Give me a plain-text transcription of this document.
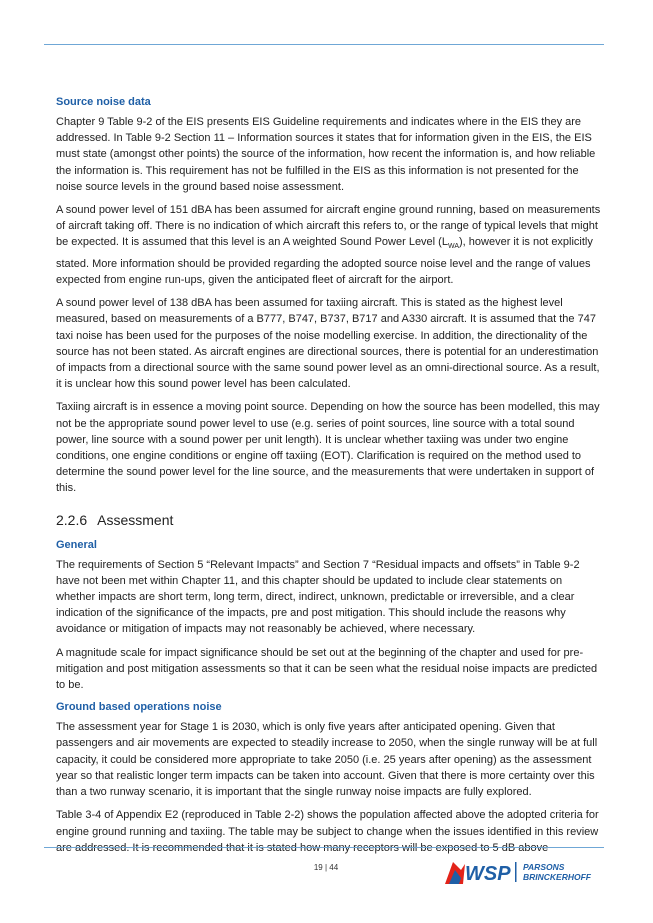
Source noise data

Chapter 9 Table 9-2 of the EIS presents EIS Guideline requirements and indicates where in the EIS they are addressed. In Table 9-2 Section 11 – Information sources it states that for information given in the EIS, the EIS must state (amongst other points) the source of the information, how recent the information is, and how reliable the information is. This requirement has not be fulfilled in the EIS as this information is not presented for the noise source levels in the ground based noise assessment.

A sound power level of 151 dBA has been assumed for aircraft engine ground running, based on measurements of aircraft taking off. There is no indication of which aircraft this refers to, or the range of typical levels that might be expected. It is assumed that this level is an A weighted Sound Power Level $(L_{WA})$, however it is not explicitly stated. More information should be provided regarding the adopted source noise level and the range of values expected from engine run-ups, given the anticipated fleet of aircraft for the airport.

A sound power level of 138 dBA has been assumed for taxiing aircraft. This is stated as the highest level measured, based on measurements of a B777, B747, B737, B717 and A330 aircraft. It is assumed that the 747 taxi noise has been used for the purposes of the noise modelling exercise. In addition, the directionality of the source has not been stated. As aircraft engines are directional sources, there is potential for an underestimation of impacts from a directional source with the same sound power level as an omni-directional source. As a result, it is unclear how this sound power level has been calculated.

Taxiing aircraft is in essence a moving point source. Depending on how the source has been modelled, this may not be the appropriate sound power level to use (e.g. series of point sources, line source with a total sound power, line source with a sound power per unit length). It is unclear whether taxiing was under two engine conditions, one engine conditions or engine off taxiing (EOT). Clarification is required on the method used to determine the sound power level for the line source, and the measurements that were undertaken in support of this.

2.2.6 Assessment
General

The requirements of Section 5 “Relevant Impacts” and Section 7 “Residual impacts and offsets” in Table 9-2 have not been met within Chapter 11, and this chapter should be updated to include clear statements on whether impacts are short term, long term, direct, indirect, unknown, predictable or irreversible, and a clear indication of the significance of the impacts, pre and post mitigation. This should include the reasons why avoidance or mitigation of impacts may not reasonably be achieved, where necessary.

A magnitude scale for impact significance should be set out at the beginning of the chapter and used for pre-mitigation and post mitigation assessments so that it can be seen what the residual noise impacts are predicted to be.

Ground based operations noise

The assessment year for Stage 1 is 2030, which is only five years after anticipated opening. Given that passengers and air movements are expected to steadily increase to 2050, when the single runway will be at full capacity, it could be considered more appropriate to take 2050 (i.e. 25 years after opening) as the assessment year so that realistic longer term impacts can be taken into account. Given that there is more certainty over this than a two runway scenario, it is important that the single runway noise impacts are fully explored.

Table 3-4 of Appendix E2 (reproduced in Table 2-2) shows the population affected above the adopted criteria for engine ground running and taxiing. The table may be subject to change when the issues identified in this review

19 | 44	WSP PARSONS
BRINCKERHOFF
